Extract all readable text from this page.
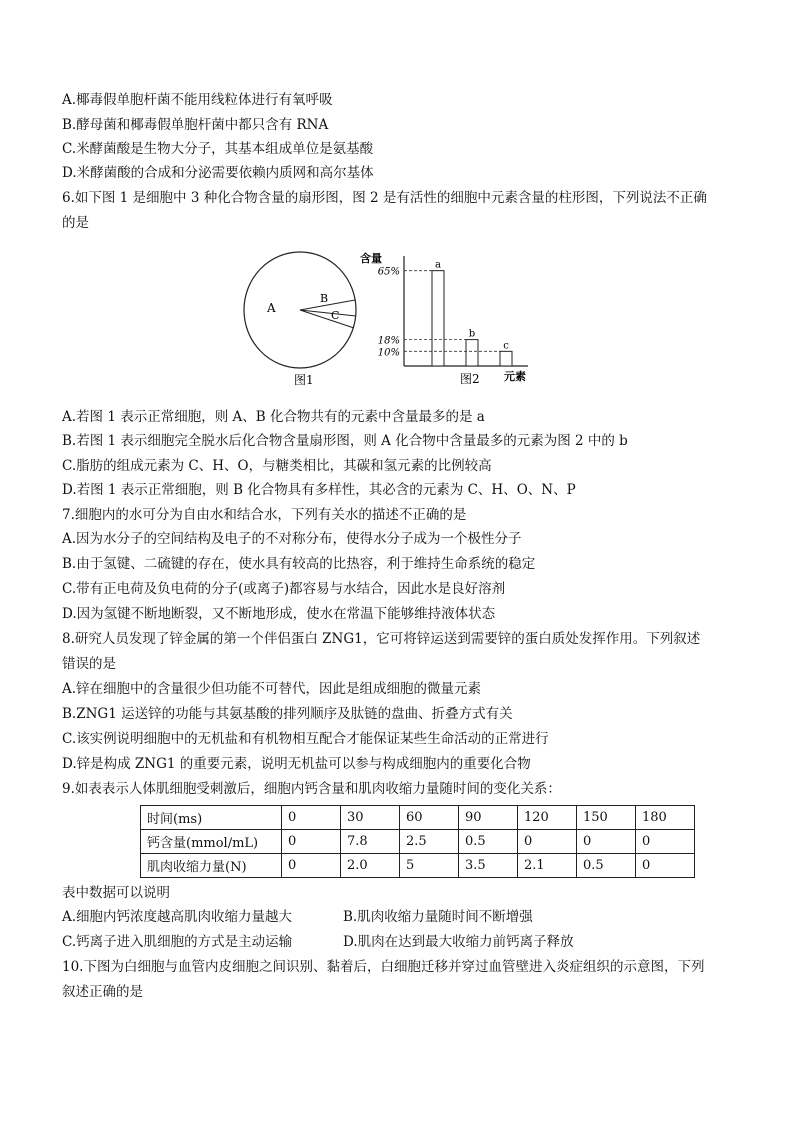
A.椰毒假单胞杆菌不能用线粒体进行有氧呼吸
B.酵母菌和椰毒假单胞杆菌中都只含有 RNA
C.米酵菌酸是生物大分子，其基本组成单位是氨基酸
D.米酵菌酸的合成和分泌需要依赖内质网和高尔基体
6.如下图 1 是细胞中 3 种化合物含量的扇形图，图 2 是有活性的细胞中元素含量的柱形图，下列说法不正确
的是
A
B
C
图1
含量
元素
图2
a
65%
b
18%	c
10%
A.若图 1 表示正常细胞，则 A、B 化合物共有的元素中含量最多的是 a
B.若图 1 表示细胞完全脱水后化合物含量扇形图，则 A 化合物中含量最多的元素为图 2 中的 b
C.脂肪的组成元素为 C、H、O，与糖类相比，其碳和氢元素的比例较高
D.若图 1 表示正常细胞，则 B 化合物具有多样性，其必含的元素为 C、H、O、N、P
7.细胞内的水可分为自由水和结合水，下列有关水的描述不正确的是
A.因为水分子的空间结构及电子的不对称分布，使得水分子成为一个极性分子
B.由于氢键、二硫键的存在，使水具有较高的比热容，利于维持生命系统的稳定
C.带有正电荷及负电荷的分子(或离子)都容易与水结合，因此水是良好溶剂
D.因为氢键不断地断裂，又不断地形成，使水在常温下能够维持液体状态
8.研究人员发现了锌金属的第一个伴侣蛋白 ZNG1，它可将锌运送到需要锌的蛋白质处发挥作用。下列叙述
错误的是
A.锌在细胞中的含量很少但功能不可替代，因此是组成细胞的微量元素
B.ZNG1 运送锌的功能与其氨基酸的排列顺序及肽链的盘曲、折叠方式有关
C.该实例说明细胞中的无机盐和有机物相互配合才能保证某些生命活动的正常进行
D.锌是构成 ZNG1 的重要元素，说明无机盐可以参与构成细胞内的重要化合物
9.如表表示人体肌细胞受刺激后，细胞内钙含量和肌肉收缩力量随时间的变化关系：
时间(ms)	0	30	60	90	120	150	180
钙含量(mmol/mL)	0	7.8	2.5	0.5	0	0	0
肌肉收缩力量(N)	0	2.0	5	3.5	2.1	0.5	0
表中数据可以说明
A.细胞内钙浓度越高肌肉收缩力量越大	B.肌肉收缩力量随时间不断增强
C.钙离子进入肌细胞的方式是主动运输	D.肌肉在达到最大收缩力前钙离子释放
10.下图为白细胞与血管内皮细胞之间识别、黏着后，白细胞迁移并穿过血管壁进入炎症组织的示意图，下列
叙述正确的是
